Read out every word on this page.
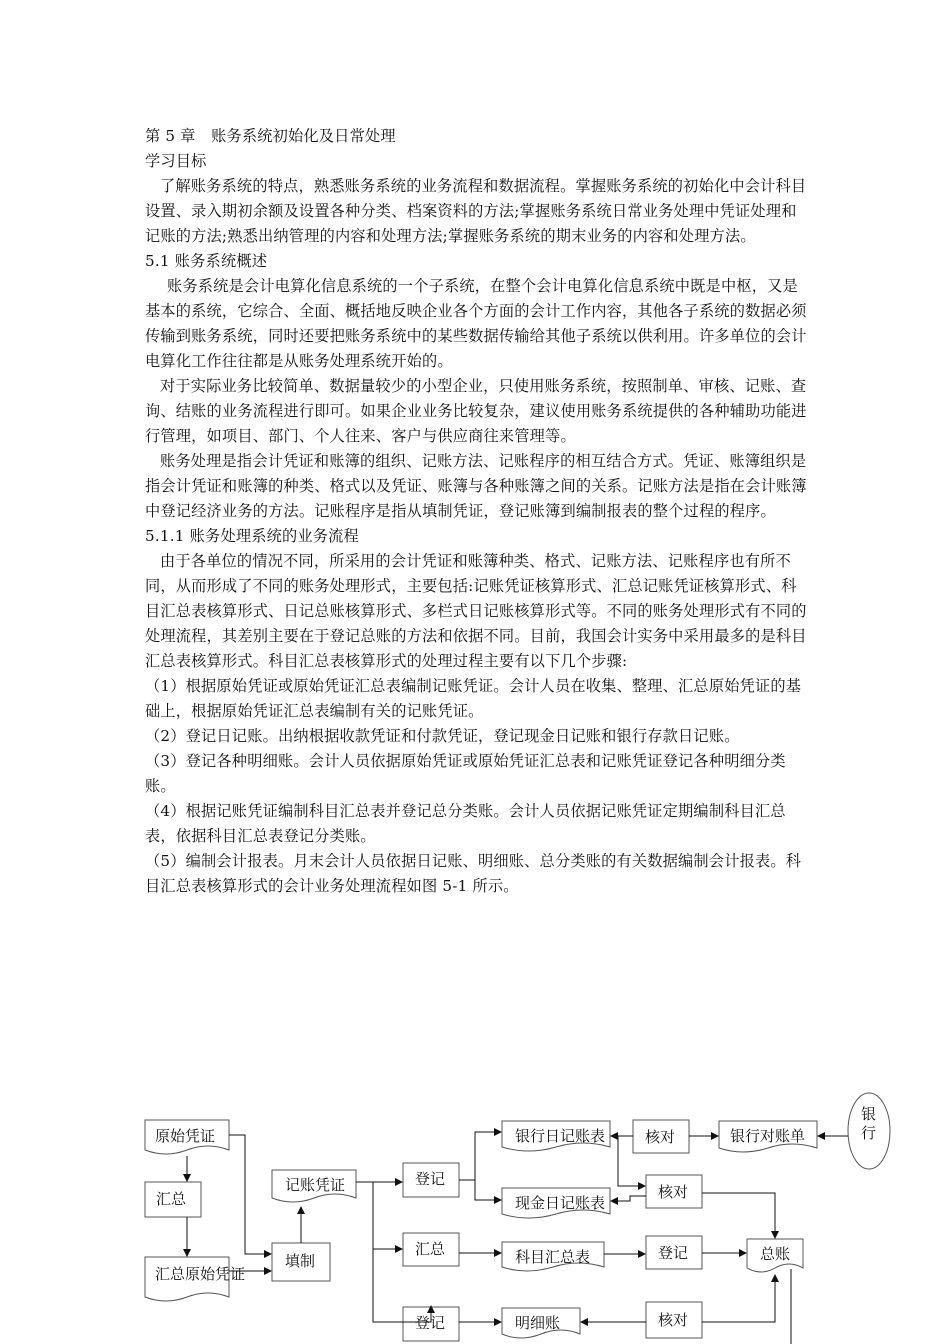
第 5 章　账务系统初始化及日常处理

学习目标

了解账务系统的特点，熟悉账务系统的业务流程和数据流程。掌握账务系统的初始化中会计科目设置、录入期初余额及设置各种分类、档案资料的方法;掌握账务系统日常业务处理中凭证处理和记账的方法;熟悉出纳管理的内容和处理方法;掌握账务系统的期末业务的内容和处理方法。

5.1 账务系统概述

账务系统是会计电算化信息系统的一个子系统，在整个会计电算化信息系统中既是中枢，又是基本的系统，它综合、全面、概括地反映企业各个方面的会计工作内容，其他各子系统的数据必须传输到账务系统，同时还要把账务系统中的某些数据传输给其他子系统以供利用。许多单位的会计电算化工作往往都是从账务处理系统开始的。

对于实际业务比较简单、数据量较少的小型企业，只使用账务系统，按照制单、审核、记账、查询、结账的业务流程进行即可。如果企业业务比较复杂，建议使用账务系统提供的各种辅助功能进行管理，如项目、部门、个人往来、客户与供应商往来管理等。

账务处理是指会计凭证和账簿的组织、记账方法、记账程序的相互结合方式。凭证、账簿组织是指会计凭证和账簿的种类、格式以及凭证、账簿与各种账簿之间的关系。记账方法是指在会计账簿中登记经济业务的方法。记账程序是指从填制凭证，登记账簿到编制报表的整个过程的程序。

5.1.1 账务处理系统的业务流程

由于各单位的情况不同，所采用的会计凭证和账簿种类、格式、记账方法、记账程序也有所不同，从而形成了不同的账务处理形式，主要包括:记账凭证核算形式、汇总记账凭证核算形式、科目汇总表核算形式、日记总账核算形式、多栏式日记账核算形式等。不同的账务处理形式有不同的处理流程，其差别主要在于登记总账的方法和依据不同。目前，我国会计实务中采用最多的是科目汇总表核算形式。科目汇总表核算形式的处理过程主要有以下几个步骤:

（1）根据原始凭证或原始凭证汇总表编制记账凭证。会计人员在收集、整理、汇总原始凭证的基础上，根据原始凭证汇总表编制有关的记账凭证。

（2）登记日记账。出纳根据收款凭证和付款凭证，登记现金日记账和银行存款日记账。

（3）登记各种明细账。会计人员依据原始凭证或原始凭证汇总表和记账凭证登记各种明细分类账。

（4）根据记账凭证编制科目汇总表并登记总分类账。会计人员依据记账凭证定期编制科目汇总表，依据科目汇总表登记分类账。

（5）编制会计报表。月末会计人员依据日记账、明细账、总分类账的有关数据编制会计报表。科目汇总表核算形式的会计业务处理流程如图 5-1 所示。

原始凭证
汇总
汇总原始凭证
填制
记账凭证	登记
汇总
登记
银行日记账表
现金日记账表
科目汇总表
明细账
核对
核对
核对
登记
银行对账单
总账
银
行
